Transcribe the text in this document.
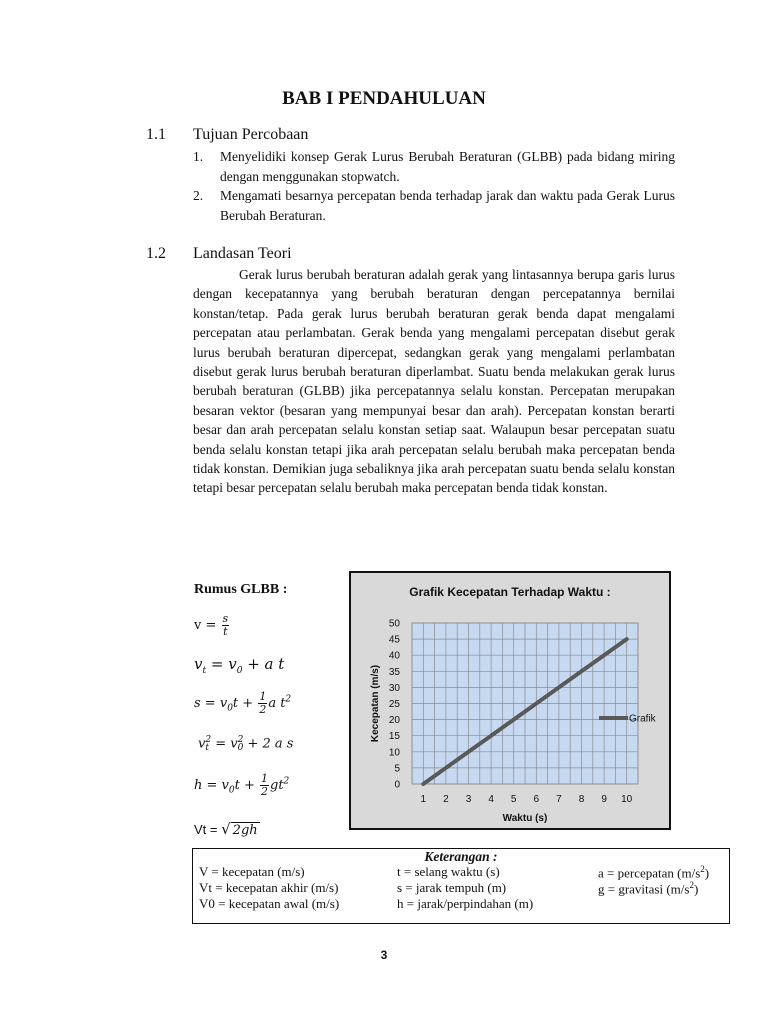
BAB I PENDAHULUAN
1.1 Tujuan Percobaan
1. Menyelidiki konsep Gerak Lurus Berubah Beraturan (GLBB) pada bidang miring dengan menggunakan stopwatch.
2. Mengamati besarnya percepatan benda terhadap jarak dan waktu pada Gerak Lurus Berubah Beraturan.
1.2 Landasan Teori
Gerak lurus berubah beraturan adalah gerak yang lintasannya berupa garis lurus dengan kecepatannya yang berubah beraturan dengan percepatannya bernilai konstan/tetap. Pada gerak lurus berubah beraturan gerak benda dapat mengalami percepatan atau perlambatan. Gerak benda yang mengalami percepatan disebut gerak lurus berubah beraturan dipercepat, sedangkan gerak yang mengalami perlambatan disebut gerak lurus berubah beraturan diperlambat. Suatu benda melakukan gerak lurus berubah beraturan (GLBB) jika percepatannya selalu konstan. Percepatan merupakan besaran vektor (besaran yang mempunyai besar dan arah). Percepatan konstan berarti besar dan arah percepatan selalu konstan setiap saat. Walaupun besar percepatan suatu benda selalu konstan tetapi jika arah percepatan selalu berubah maka percepatan benda tidak konstan. Demikian juga sebaliknya jika arah percepatan suatu benda selalu konstan tetapi besar percepatan selalu berubah maka percepatan benda tidak konstan.
Rumus GLBB :
$v = \frac{s}{t}$
$v_t = v_0 + a$ t
$s = v_0t + \frac{1}{2}$ a $t^2$
v 2
t = v 2
0 + 2 a s
$h = v_0t + \frac{1}{2} gt^2$
Vt = √ 2gh
0
5
10
15
20
25
30
35
40
45
50
1 2 3 4 5 6 7 8 9 10
Waktu (s)
Kecepatan (m/s)	Grafik
Grafik Kecepatan Terhadap Waktu :
Keterangan :
V = kecepatan (m/s)	t = selang waktu (s)	a = percepatan $(m/s^2)$
Vt = kecepatan akhir (m/s)	s = jarak tempuh (m)	g = gravitasi $(m/s^2)$
V0 = kecepatan awal (m/s)	h = jarak/perpindahan (m)
3
